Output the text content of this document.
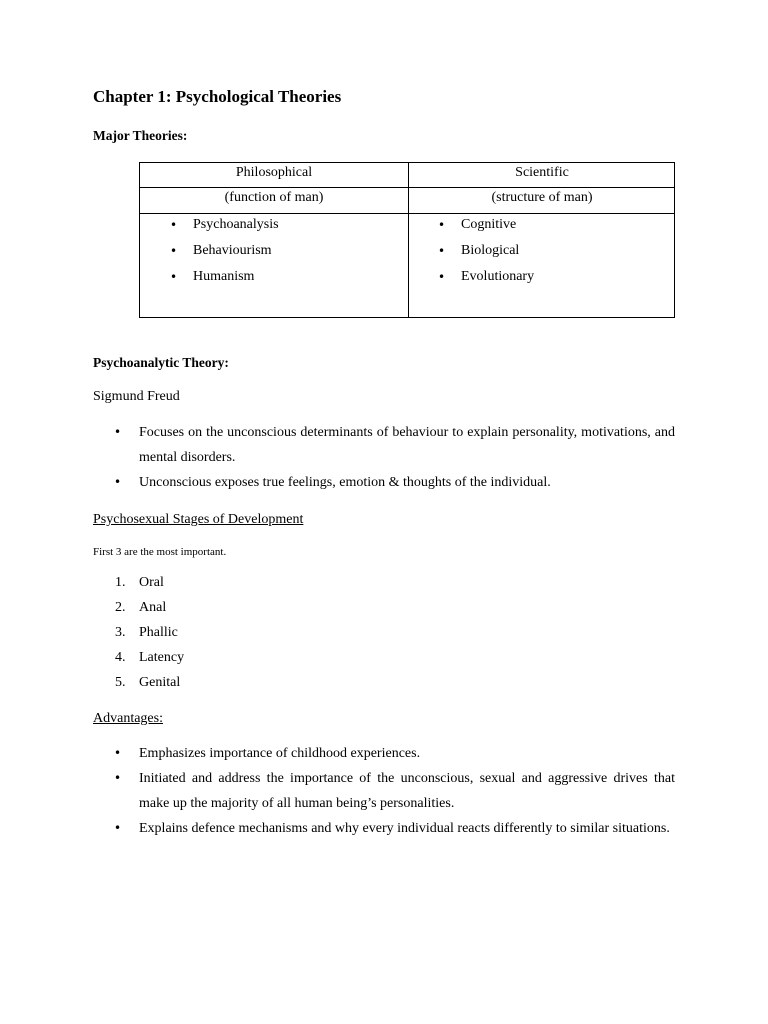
Chapter 1: Psychological Theories

Major Theories:

Philosophical	Scientific
(function of man)	(structure of man)
• Psychoanalysis
• Behaviourism
• Humanism
• Cognitive
• Biological
• Evolutionary

Psychoanalytic Theory:

Sigmund Freud

• Focuses on the unconscious determinants of behaviour to explain personality, motivations, and mental disorders.
• Unconscious exposes true feelings, emotion & thoughts of the individual.

Psychosexual Stages of Development

First 3 are the most important.

1. Oral
2. Anal
3. Phallic
4. Latency
5. Genital

Advantages:

• Emphasizes importance of childhood experiences.
• Initiated and address the importance of the unconscious, sexual and aggressive drives that make up the majority of all human being’s personalities.
• Explains defence mechanisms and why every individual reacts differently to similar situations.
